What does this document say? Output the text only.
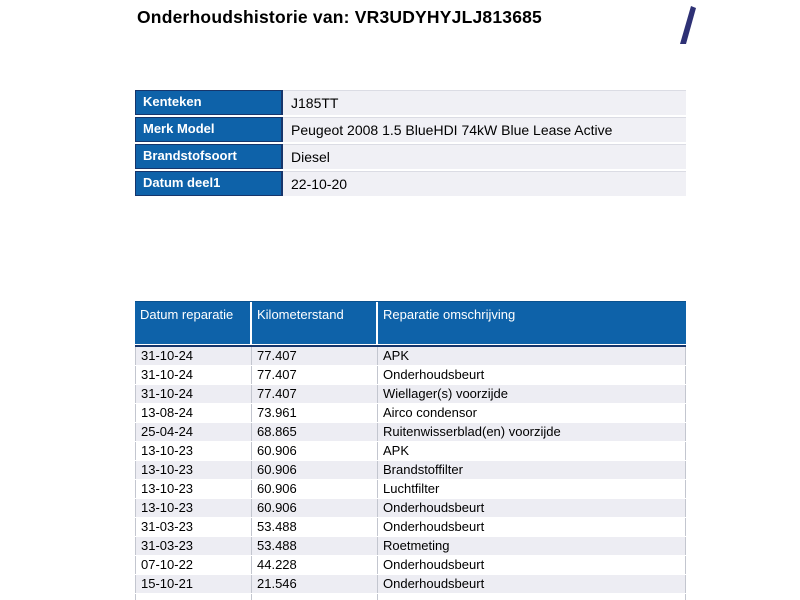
Onderhoudshistorie van: VR3UDYHYJLJ813685
Kenteken	J185TT
Merk Model	Peugeot 2008 1.5 BlueHDI 74kW Blue Lease Active
Brandstofsoort	Diesel
Datum deel1	22-10-20
Datum reparatie	Kilometerstand	Reparatie omschrijving
31-10-24	77.407	APK
31-10-24	77.407	Onderhoudsbeurt
31-10-24	77.407	Wiellager(s) voorzijde
13-08-24	73.961	Airco condensor
25-04-24	68.865	Ruitenwisserblad(en) voorzijde
13-10-23	60.906	APK
13-10-23	60.906	Brandstoffilter
13-10-23	60.906	Luchtfilter
13-10-23	60.906	Onderhoudsbeurt
31-03-23	53.488	Onderhoudsbeurt
31-03-23	53.488	Roetmeting
07-10-22	44.228	Onderhoudsbeurt
15-10-21	21.546	Onderhoudsbeurt
